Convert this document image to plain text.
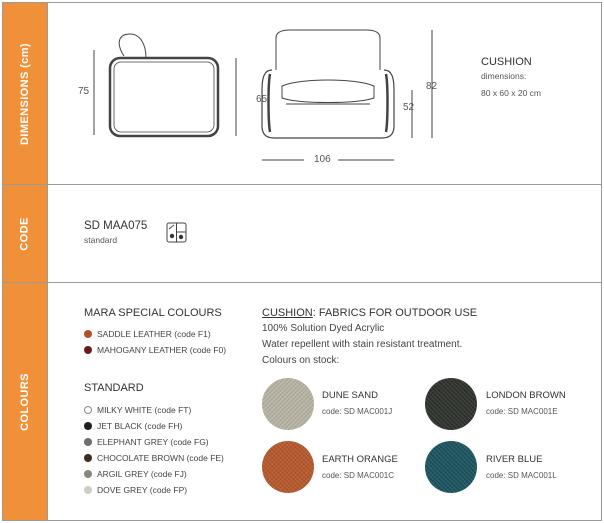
DIMENSIONS (cm)
CODE
COLOURS
75
65
52
82
106
CUSHION
dimensions:
80 x 60 x 20 cm
SD MAA075
standard
MARA SPECIAL COLOURS
SADDLE LEATHER (code F1)
MAHOGANY LEATHER (code F0)
STANDARD
MILKY WHITE (code FT)
JET BLACK (code FH)
ELEPHANT GREY (code FG)
CHOCOLATE BROWN (code FE)
ARGIL GREY (code FJ)
DOVE GREY (code FP)
CUSHION: FABRICS FOR OUTDOOR USE
100% Solution Dyed Acrylic
Water repellent with stain resistant treatment.
Colours on stock:
DUNE SAND
code: SD MAC001J
LONDON BROWN
code: SD MAC001E
EARTH ORANGE
code: SD MAC001C
RIVER BLUE
code: SD MAC001L
